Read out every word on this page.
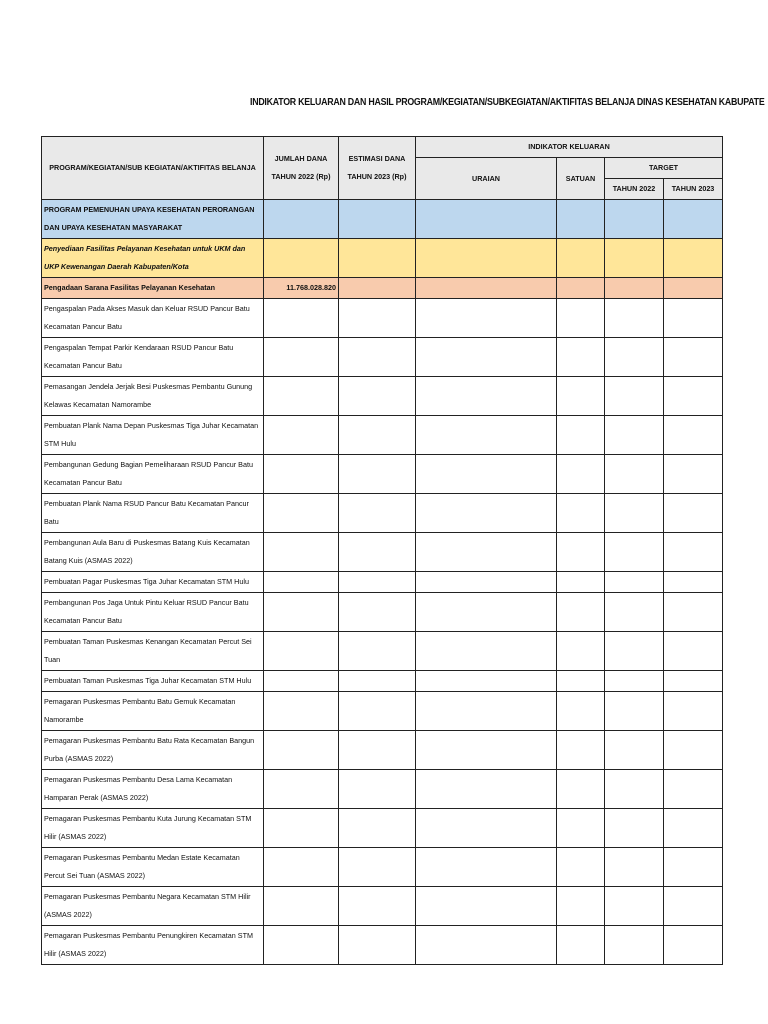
INDIKATOR KELUARAN DAN HASIL PROGRAM/KEGIATAN/SUBKEGIATAN/AKTIFITAS BELANJA DINAS KESEHATAN KABUPATE
PROGRAM/KEGIATAN/SUB KEGIATAN/AKTIFITAS BELANJA	JUMLAH DANA TAHUN 2022 (Rp)	ESTIMASI DANA TAHUN 2023 (Rp)	INDIKATOR KELUARAN			
			URAIAN	SATUAN	TARGET	
					TAHUN 2022	TAHUN 2023
PROGRAM PEMENUHAN UPAYA KESEHATAN PERORANGAN DAN UPAYA KESEHATAN MASYARAKAT						
Penyediaan Fasilitas Pelayanan Kesehatan untuk UKM dan UKP Kewenangan Daerah Kabupaten/Kota						
Pengadaan Sarana Fasilitas Pelayanan Kesehatan	11.768.028.820					
Pengaspalan Pada Akses Masuk dan Keluar RSUD Pancur Batu Kecamatan Pancur Batu						
Pengaspalan Tempat Parkir Kendaraan RSUD Pancur Batu Kecamatan Pancur Batu						
Pemasangan Jendela Jerjak Besi Puskesmas Pembantu Gunung Kelawas Kecamatan Namorambe						
Pembuatan Plank Nama Depan Puskesmas Tiga Juhar Kecamatan STM Hulu						
Pembangunan Gedung Bagian Pemeliharaan RSUD Pancur Batu Kecamatan Pancur Batu						
Pembuatan Plank Nama RSUD Pancur Batu Kecamatan Pancur Batu						
Pembangunan Aula Baru di Puskesmas Batang Kuis Kecamatan Batang Kuis (ASMAS 2022)						
Pembuatan Pagar Puskesmas Tiga Juhar Kecamatan STM Hulu						
Pembangunan Pos Jaga Untuk Pintu Keluar RSUD Pancur Batu Kecamatan Pancur Batu						
Pembuatan Taman Puskesmas Kenangan Kecamatan Percut Sei Tuan						
Pembuatan Taman Puskesmas Tiga Juhar Kecamatan STM Hulu						
Pemagaran Puskesmas Pembantu Batu Gemuk Kecamatan Namorambe						
Pemagaran Puskesmas Pembantu Batu Rata Kecamatan Bangun Purba (ASMAS 2022)						
Pemagaran Puskesmas Pembantu Desa Lama Kecamatan Hamparan Perak (ASMAS 2022)						
Pemagaran Puskesmas Pembantu Kuta Jurung Kecamatan STM Hilir (ASMAS 2022)						
Pemagaran Puskesmas Pembantu Medan Estate Kecamatan Percut Sei Tuan (ASMAS 2022)						
Pemagaran Puskesmas Pembantu Negara Kecamatan STM Hilir (ASMAS 2022)						
Pemagaran Puskesmas Pembantu Penungkiren Kecamatan STM Hilir (ASMAS 2022)						
